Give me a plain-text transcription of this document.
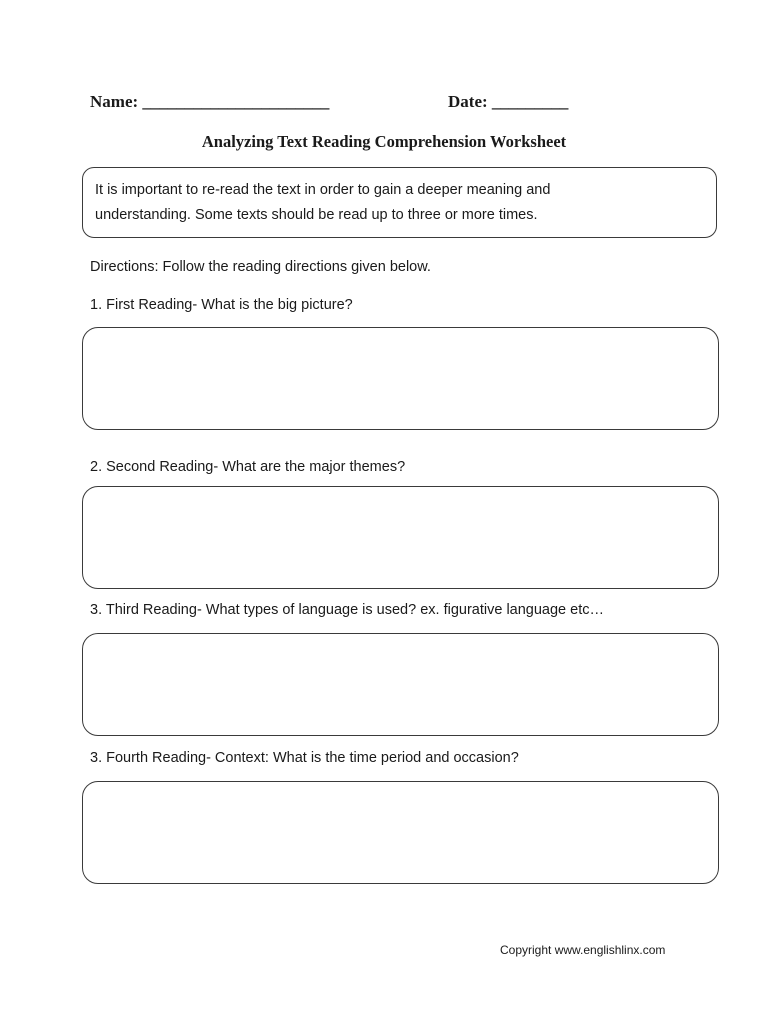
Name: ______________________	Date: _________
Analyzing Text Reading Comprehension Worksheet
It is important to re-read the text in order to gain a deeper meaning and
understanding. Some texts should be read up to three or more times.
Directions: Follow the reading directions given below.
1. First Reading- What is the big picture?
2. Second Reading- What are the major themes?
3. Third Reading- What types of language is used? ex. figurative language etc…
3. Fourth Reading- Context: What is the time period and occasion?
Copyright www.englishlinx.com
